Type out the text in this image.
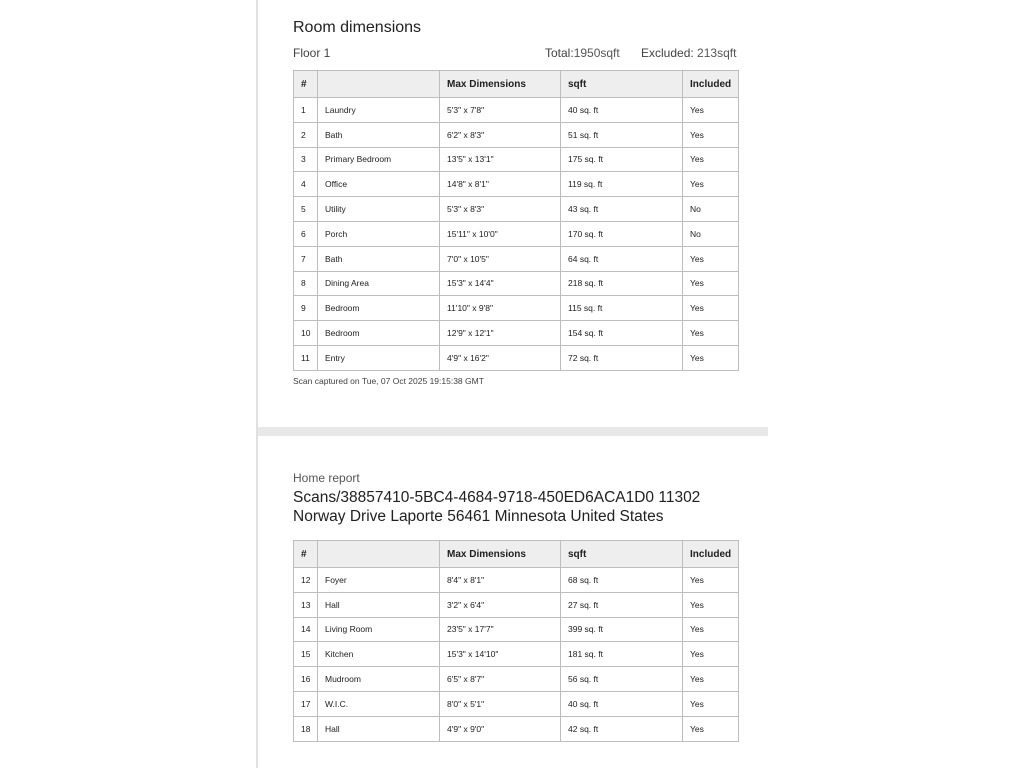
Room dimensions
Floor 1	Total:1950sqft Excluded: 213sqft
#		Max Dimensions	sqft	Included
1	Laundry	5'3" x 7'8"	40 sq. ft	Yes
2	Bath	6'2" x 8'3"	51 sq. ft	Yes
3	Primary Bedroom	13'5" x 13'1"	175 sq. ft	Yes
4	Office	14'8" x 8'1"	119 sq. ft	Yes
5	Utility	5'3" x 8'3"	43 sq. ft	No
6	Porch	15'11" x 10'0"	170 sq. ft	No
7	Bath	7'0" x 10'5"	64 sq. ft	Yes
8	Dining Area	15'3" x 14'4"	218 sq. ft	Yes
9	Bedroom	11'10" x 9'8"	115 sq. ft	Yes
10	Bedroom	12'9" x 12'1"	154 sq. ft	Yes
11	Entry	4'9" x 16'2"	72 sq. ft	Yes
Scan captured on Tue, 07 Oct 2025 19:15:38 GMT
Home report
Scans/38857410-5BC4-4684-9718-450ED6ACA1D0 11302 Norway Drive Laporte 56461 Minnesota United States
#		Max Dimensions	sqft	Included
12	Foyer	8'4" x 8'1"	68 sq. ft	Yes
13	Hall	3'2" x 6'4"	27 sq. ft	Yes
14	Living Room	23'5" x 17'7"	399 sq. ft	Yes
15	Kitchen	15'3" x 14'10"	181 sq. ft	Yes
16	Mudroom	6'5" x 8'7"	56 sq. ft	Yes
17	W.I.C.	8'0" x 5'1"	40 sq. ft	Yes
18	Hall	4'9" x 9'0"	42 sq. ft	Yes
